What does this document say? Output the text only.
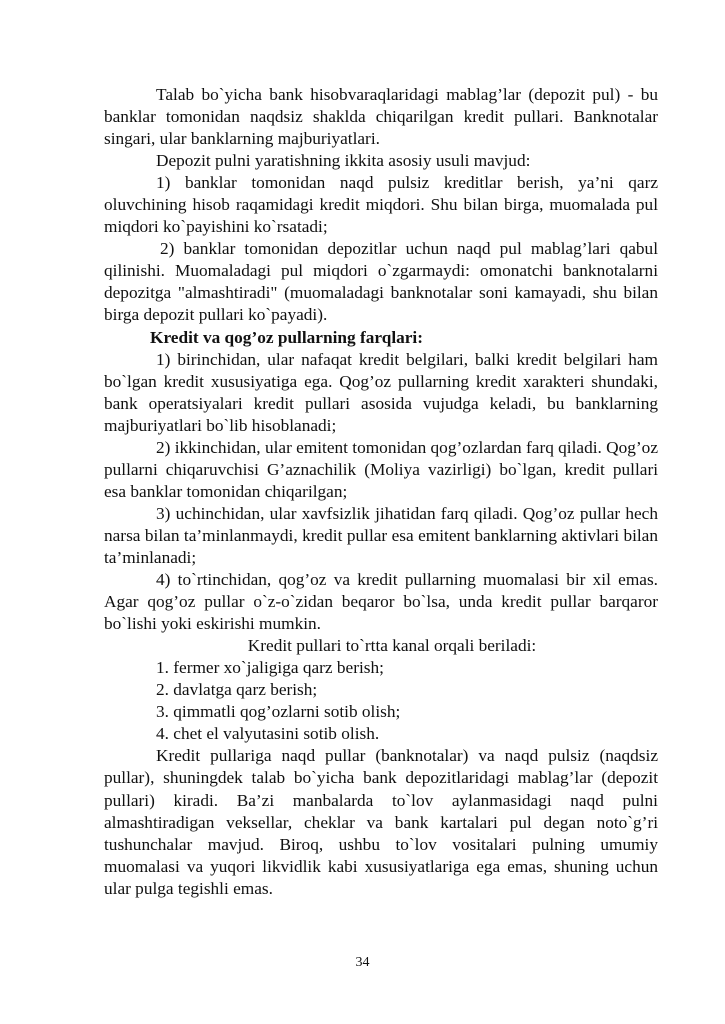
Talab bo`yicha bank hisobvaraqlaridagi mablag’lar (depozit pul) - bu banklar tomonidan naqdsiz shaklda chiqarilgan kredit pullari. Banknotalar singari, ular banklarning majburiyatlari.

Depozit pulni yaratishning ikkita asosiy usuli mavjud:

1) banklar tomonidan naqd pulsiz kreditlar berish, ya’ni qarz oluvchining hisob raqamidagi kredit miqdori. Shu bilan birga, muomalada pul miqdori ko`payishini ko`rsatadi;

2) banklar tomonidan depozitlar uchun naqd pul mablag’lari qabul qilinishi. Muomaladagi pul miqdori o`zgarmaydi: omonatchi banknotalarni depozitga "almashtiradi" (muomaladagi banknotalar soni kamayadi, shu bilan birga depozit pullari ko`payadi).

Kredit va qog’oz pullarning farqlari:

1) birinchidan, ular nafaqat kredit belgilari, balki kredit belgilari ham bo`lgan kredit xususiyatiga ega. Qog’oz pullarning kredit xarakteri shundaki, bank operatsiyalari kredit pullari asosida vujudga keladi, bu banklarning majburiyatlari bo`lib hisoblanadi;

2) ikkinchidan, ular emitent tomonidan qog’ozlardan farq qiladi. Qog’oz pullarni chiqaruvchisi G’aznachilik (Moliya vazirligi) bo`lgan, kredit pullari esa banklar tomonidan chiqarilgan;

3) uchinchidan, ular xavfsizlik jihatidan farq qiladi. Qog’oz pullar hech narsa bilan ta’minlanmaydi, kredit pullar esa emitent banklarning aktivlari bilan ta’minlanadi;

4) to`rtinchidan, qog’oz va kredit pullarning muomalasi bir xil emas. Agar qog’oz pullar o`z-o`zidan beqaror bo`lsa, unda kredit pullar barqaror bo`lishi yoki eskirishi mumkin.

Kredit pullari to`rtta kanal orqali beriladi:

1. fermer xo`jaligiga qarz berish;

2. davlatga qarz berish;

3. qimmatli qog’ozlarni sotib olish;

4. chet el valyutasini sotib olish.

Kredit pullariga naqd pullar (banknotalar) va naqd pulsiz (naqdsiz pullar), shuningdek talab bo`yicha bank depozitlaridagi mablag’lar (depozit pullari) kiradi. Ba’zi manbalarda to`lov aylanmasidagi naqd pulni almashtiradigan veksellar, cheklar va bank kartalari pul degan noto`g’ri tushunchalar mavjud. Biroq, ushbu to`lov vositalari pulning umumiy muomalasi va yuqori likvidlik kabi xususiyatlariga ega emas, shuning uchun ular pulga tegishli emas.

34
